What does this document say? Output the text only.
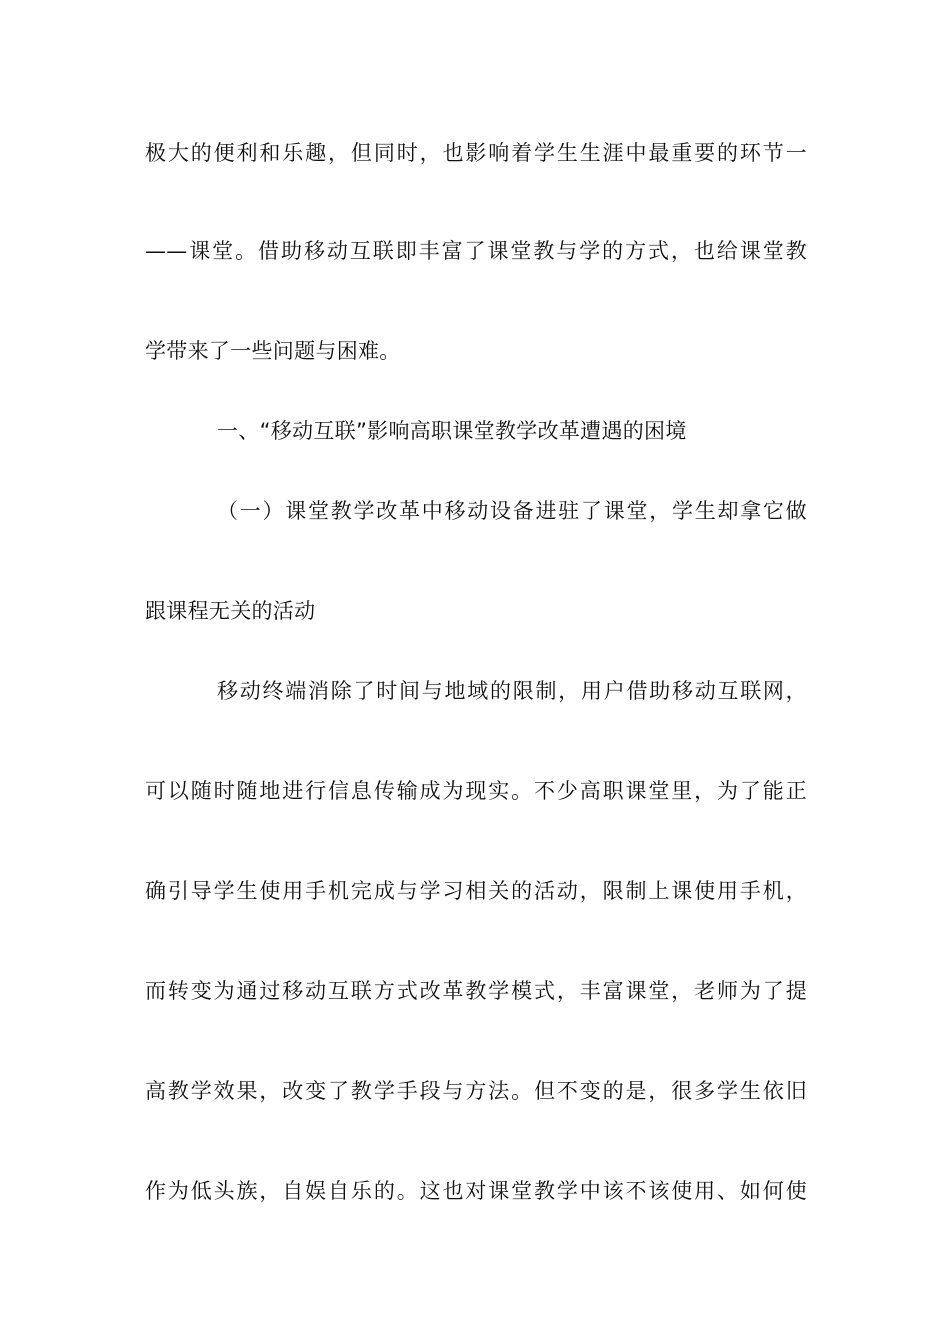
极大的便利和乐趣，但同时，也影响着学生生涯中最重要的环节一
——课堂。借助移动互联即丰富了课堂教与学的方式，也给课堂教
学带来了一些问题与困难。
一、“移动互联”影响高职课堂教学改革遭遇的困境
（一）课堂教学改革中移动设备进驻了课堂，学生却拿它做
跟课程无关的活动
移动终端消除了时间与地域的限制，用户借助移动互联网，
可以随时随地进行信息传输成为现实。不少高职课堂里，为了能正
确引导学生使用手机完成与学习相关的活动，限制上课使用手机，
而转变为通过移动互联方式改革教学模式，丰富课堂，老师为了提
高教学效果，改变了教学手段与方法。但不变的是，很多学生依旧
作为低头族，自娱自乐的。这也对课堂教学中该不该使用、如何使
